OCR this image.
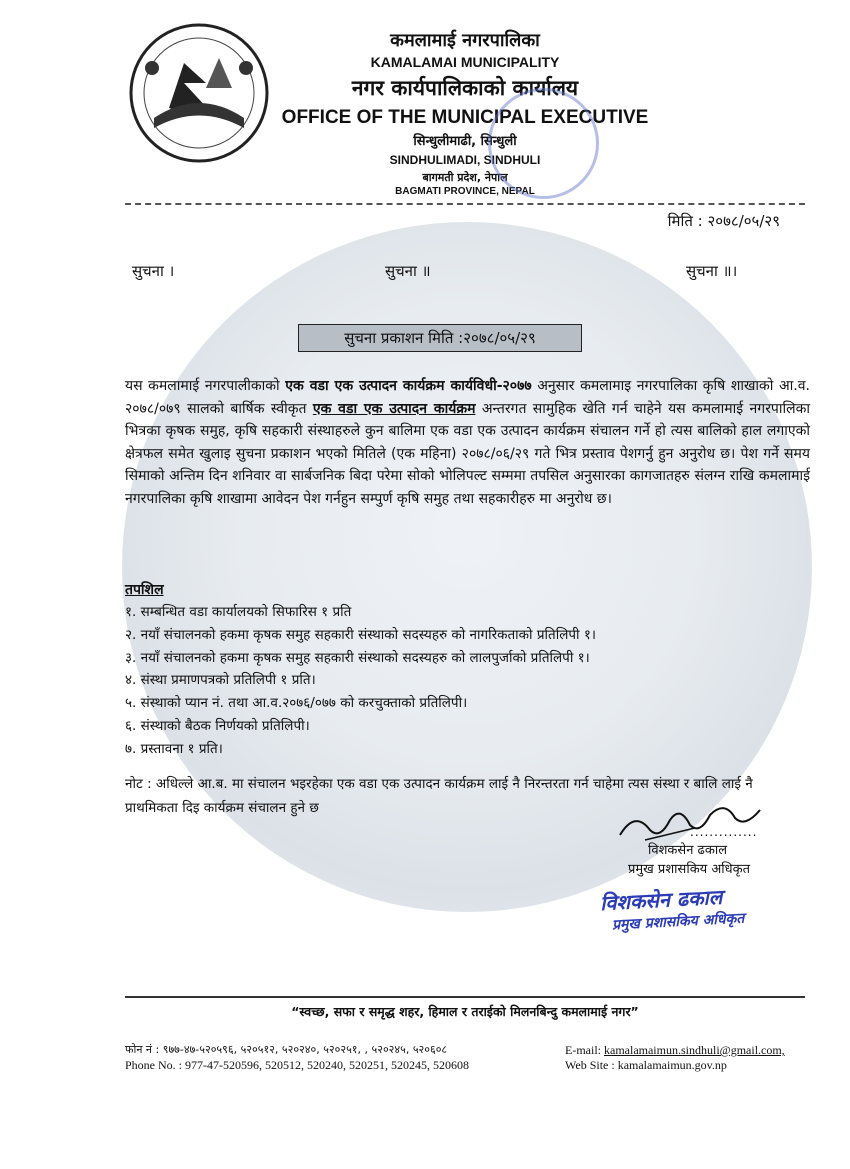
कमलामाई नगरपालिका
KAMALAMAI MUNICIPALITY
नगर कार्यपालिकाको कार्यालय
OFFICE OF THE MUNICIPAL EXECUTIVE
सिन्धुलीमाढी, सिन्धुली
SINDHULIMADI, SINDHULI
बागमती प्रदेश, नेपाल
BAGMATI PROVINCE, NEPAL
मिति : २०७८/०५/२९
सुचना ।	सुचना ॥	सुचना ॥।
सुचना प्रकाशन मिति :२०७८/०५/२९
यस कमलामाई नगरपालीकाको एक वडा एक उत्पादन कार्यक्रम कार्यविधी-२०७७ अनुसार कमलामाइ नगरपालिका कृषि शाखाको आ.व. २०७८/०७९ सालको बार्षिक स्वीकृत एक वडा एक उत्पादन कार्यक्रम अन्तरगत सामुहिक खेति गर्न चाहेने यस कमलामाई नगरपालिका भित्रका कृषक समुह, कृषि सहकारी संस्थाहरुले कुन बालिमा एक वडा एक उत्पादन कार्यक्रम संचालन गर्ने हो त्यस बालिको हाल लगाएको क्षेत्रफल समेत खुलाइ सुचना प्रकाशन भएको मितिले (एक महिना) २०७८/०६/२९ गते भित्र प्रस्ताव पेशगर्नु हुन अनुरोध छ। पेश गर्ने समय सिमाको अन्तिम दिन शनिवार वा सार्बजनिक बिदा परेमा सोको भोलिपल्ट सम्ममा तपसिल अनुसारका कागजातहरु संलग्न राखि कमलामाई नगरपालिका कृषि शाखामा आवेदन पेश गर्नहुन सम्पुर्ण कृषि समुह तथा सहकारीहरु मा अनुरोध छ।
तपशिल
१. सम्बन्धित वडा कार्यालयको सिफारिस १ प्रति
२. नयाँ संचालनको हकमा कृषक समुह सहकारी संस्थाको सदस्यहरु को नागरिकताको प्रतिलिपी १।
३. नयाँ संचालनको हकमा कृषक समुह सहकारी संस्थाको सदस्यहरु को लालपुर्जाको प्रतिलिपी १।
४. संस्था प्रमाणपत्रको प्रतिलिपी १ प्रति।
५. संस्थाको प्यान नं. तथा आ.व.२०७६/०७७ को करचुक्ताको प्रतिलिपी।
६. संस्थाको बैठक निर्णयको प्रतिलिपी।
७. प्रस्तावना १ प्रति।
नोट : अधिल्ले आ.ब. मा संचालन भइरहेका एक वडा एक उत्पादन कार्यक्रम लाई नै निरन्तरता गर्न चाहेमा त्यस संस्था र बालि लाई नै प्राथमिकता दिइ कार्यक्रम संचालन हुने छ
..............
विशकसेन ढकाल
प्रमुख प्रशासकिय अधिकृत
विशकसेन ढकाल
प्रमुख प्रशासकिय अधिकृत
“स्वच्छ, सफा र समृद्ध शहर, हिमाल र तराईको मिलनबिन्दु कमलामाई नगर”
फोन नं : ९७७-४७-५२०५९६, ५२०५१२, ५२०२४०, ५२०२५१, , ५२०२४५, ५२०६०८
Phone No. : 977-47-520596, 520512, 520240, 520251, 520245, 520608
E-mail: kamalamaimun.sindhuli@gmail.com,
Web Site : kamalamaimun.gov.np
